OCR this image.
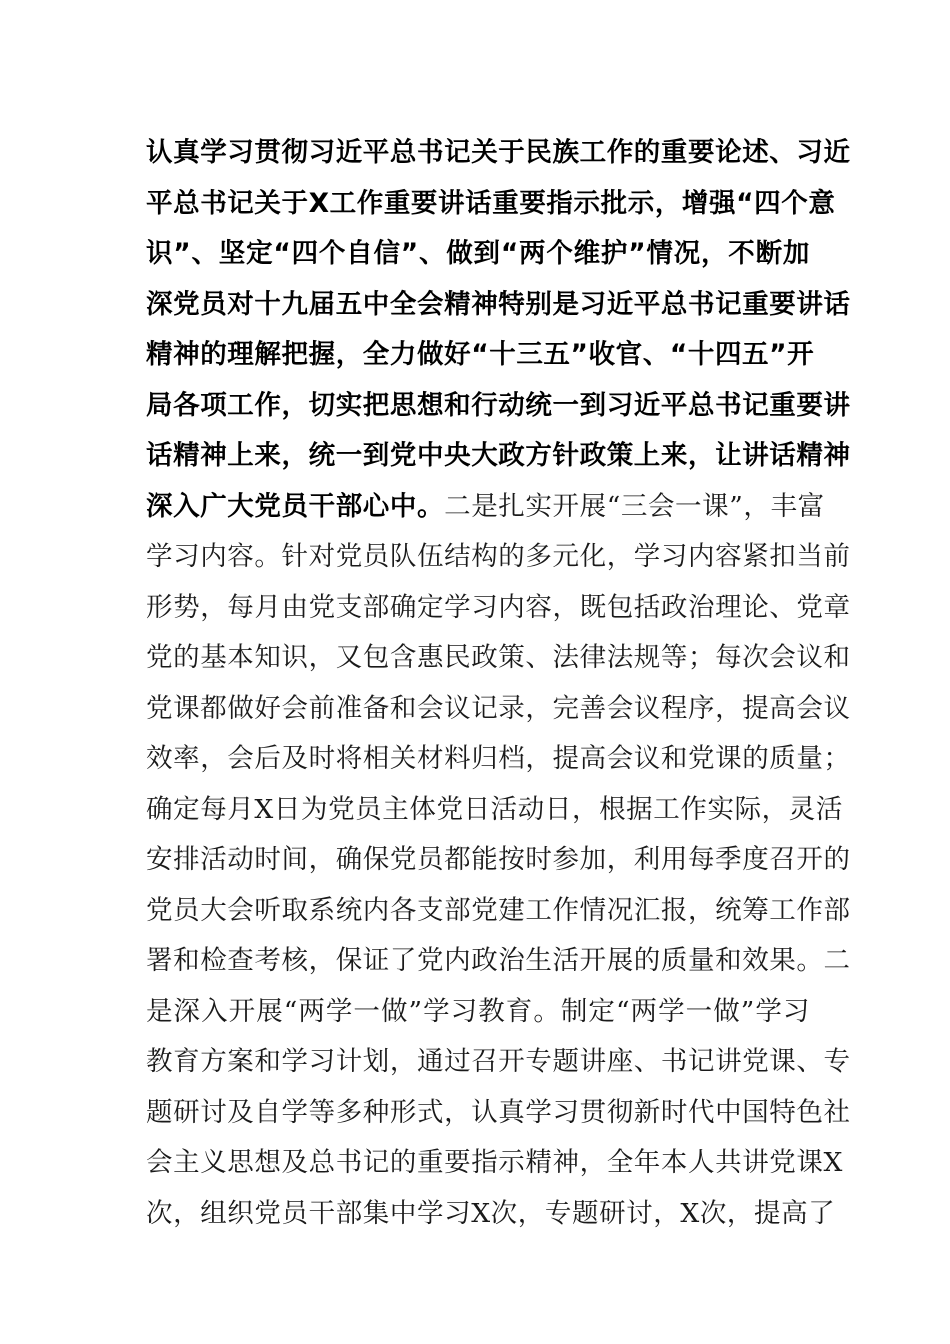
认真学习贯彻习近平总书记关于民族工作的重要论述、习近
平总书记关于X工作重要讲话重要指示批示，增强“四个意
识”、坚定“四个自信”、做到“两个维护”情况，不断加
深党员对十九届五中全会精神特别是习近平总书记重要讲话
精神的理解把握，全力做好“十三五”收官、“十四五”开
局各项工作，切实把思想和行动统一到习近平总书记重要讲
话精神上来，统一到党中央大政方针政策上来，让讲话精神
深入广大党员干部心中。二是扎实开展“三会一课”，丰富
学习内容。针对党员队伍结构的多元化，学习内容紧扣当前
形势，每月由党支部确定学习内容，既包括政治理论、党章
党的基本知识，又包含惠民政策、法律法规等；每次会议和
党课都做好会前准备和会议记录，完善会议程序，提高会议
效率，会后及时将相关材料归档，提高会议和党课的质量；
确定每月X日为党员主体党日活动日，根据工作实际，灵活
安排活动时间，确保党员都能按时参加，利用每季度召开的
党员大会听取系统内各支部党建工作情况汇报，统筹工作部
署和检查考核，保证了党内政治生活开展的质量和效果。二
是深入开展“两学一做”学习教育。制定“两学一做”学习
教育方案和学习计划，通过召开专题讲座、书记讲党课、专
题研讨及自学等多种形式，认真学习贯彻新时代中国特色社
会主义思想及总书记的重要指示精神，全年本人共讲党课X
次，组织党员干部集中学习X次，专题研讨，X次，提高了
